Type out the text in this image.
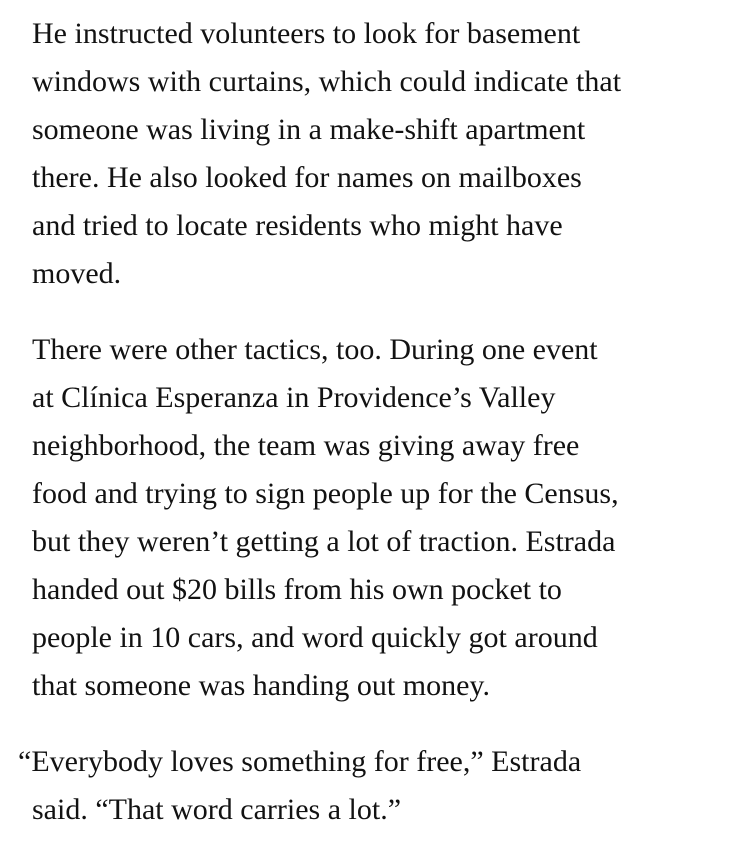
He instructed volunteers to look for basement
windows with curtains, which could indicate that
someone was living in a make-shift apartment
there. He also looked for names on mailboxes
and tried to locate residents who might have
moved.
There were other tactics, too. During one event
at Clínica Esperanza in Providence’s Valley
neighborhood, the team was giving away free
food and trying to sign people up for the Census,
but they weren’t getting a lot of traction. Estrada
handed out $20 bills from his own pocket to
people in 10 cars, and word quickly got around
that someone was handing out money.
“Everybody loves something for free,” Estrada
said. “That word carries a lot.”
